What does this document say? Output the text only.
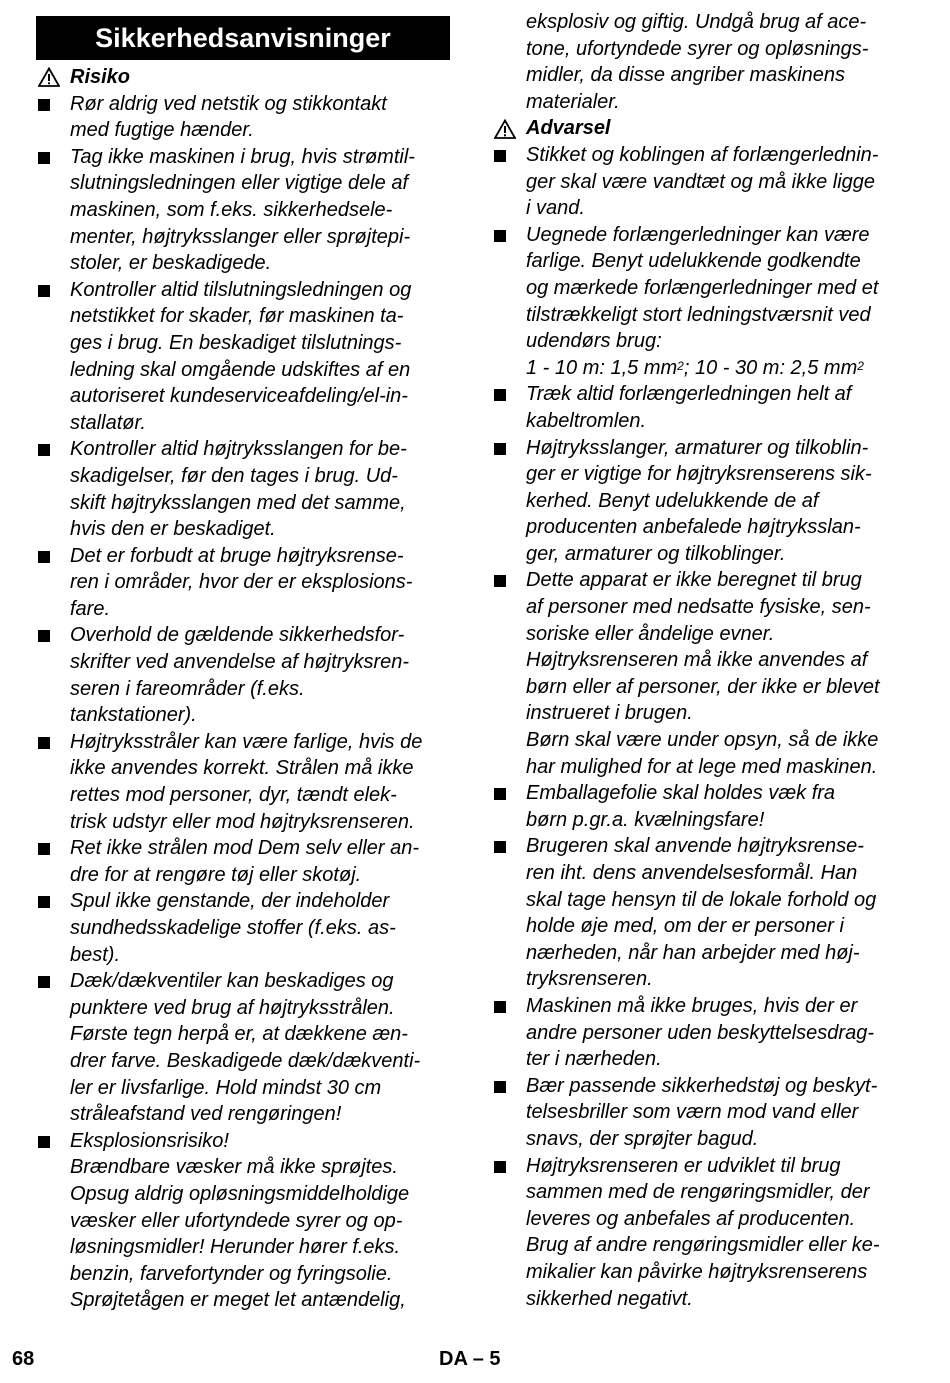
Sikkerhedsanvisninger
Risiko
Rør aldrig ved netstik og stikkontakt
med fugtige hænder.
Tag ikke maskinen i brug, hvis strømtil-
slutningsledningen eller vigtige dele af
maskinen, som f.eks. sikkerhedsele-
menter, højtryksslanger eller sprøjtepi-
stoler, er beskadigede.
Kontroller altid tilslutningsledningen og
netstikket for skader, før maskinen ta-
ges i brug. En beskadiget tilslutnings-
ledning skal omgående udskiftes af en
autoriseret kundeserviceafdeling/el-in-
stallatør.
Kontroller altid højtryksslangen for be-
skadigelser, før den tages i brug. Ud-
skift højtryksslangen med det samme,
hvis den er beskadiget.
Det er forbudt at bruge højtryksrense-
ren i områder, hvor der er eksplosions-
fare.
Overhold de gældende sikkerhedsfor-
skrifter ved anvendelse af højtryksren-
seren i fareområder (f.eks.
tankstationer).
Højtryksstråler kan være farlige, hvis de
ikke anvendes korrekt. Strålen må ikke
rettes mod personer, dyr, tændt elek-
trisk udstyr eller mod højtryksrenseren.
Ret ikke strålen mod Dem selv eller an-
dre for at rengøre tøj eller skotøj.
Spul ikke genstande, der indeholder
sundhedsskadelige stoffer (f.eks. as-
best).
Dæk/dækventiler kan beskadiges og
punktere ved brug af højtryksstrålen.
Første tegn herpå er, at dækkene æn-
drer farve. Beskadigede dæk/dækventi-
ler er livsfarlige. Hold mindst 30 cm
stråleafstand ved rengøringen!
Eksplosionsrisiko!
Brændbare væsker må ikke sprøjtes.
Opsug aldrig opløsningsmiddelholdige
væsker eller ufortyndede syrer og op-
løsningsmidler! Herunder hører f.eks.
benzin, farvefortynder og fyringsolie.
Sprøjtetågen er meget let antændelig,
eksplosiv og giftig. Undgå brug af ace-
tone, ufortyndede syrer og opløsnings-
midler, da disse angriber maskinens
materialer.
Advarsel
Stikket og koblingen af forlængerlednin-
ger skal være vandtæt og må ikke ligge
i vand.
Uegnede forlængerledninger kan være
farlige. Benyt udelukkende godkendte
og mærkede forlængerledninger med et
tilstrækkeligt stort ledningstværsnit ved
udendørs brug:
1 - 10 m: 1,5 $mm^2$; 10 - 30 m: 2,5 $mm^2$
Træk altid forlængerledningen helt af
kabeltromlen.
Højtryksslanger, armaturer og tilkoblin-
ger er vigtige for højtryksrenserens sik-
kerhed. Benyt udelukkende de af
producenten anbefalede højtryksslan-
ger, armaturer og tilkoblinger.
Dette apparat er ikke beregnet til brug
af personer med nedsatte fysiske, sen-
soriske eller åndelige evner.
Højtryksrenseren må ikke anvendes af
børn eller af personer, der ikke er blevet
instrueret i brugen.
Børn skal være under opsyn, så de ikke
har mulighed for at lege med maskinen.
Emballagefolie skal holdes væk fra
børn p.gr.a. kvælningsfare!
Brugeren skal anvende højtryksrense-
ren iht. dens anvendelsesformål. Han
skal tage hensyn til de lokale forhold og
holde øje med, om der er personer i
nærheden, når han arbejder med høj-
tryksrenseren.
Maskinen må ikke bruges, hvis der er
andre personer uden beskyttelsesdrag-
ter i nærheden.
Bær passende sikkerhedstøj og beskyt-
telsesbriller som værn mod vand eller
snavs, der sprøjter bagud.
Højtryksrenseren er udviklet til brug
sammen med de rengøringsmidler, der
leveres og anbefales af producenten.
Brug af andre rengøringsmidler eller ke-
mikalier kan påvirke højtryksrenserens
sikkerhed negativt.
68	DA – 5
